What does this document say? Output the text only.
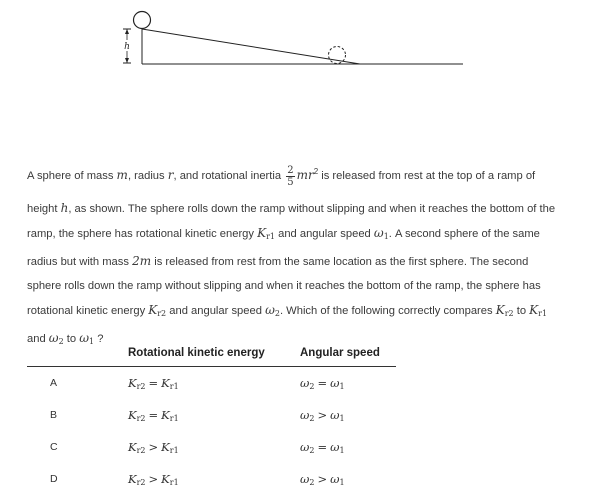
h
A sphere of mass m, radius r, and rotational inertia $\frac{2}{5} mr^2$ is released from rest at the top of a ramp of
height h, as shown. The sphere rolls down the ramp without slipping and when it reaches the bottom of the
ramp, the sphere has rotational kinetic energy $K_{r1}$ and angular speed $\omega_1$. A second sphere of the same
radius but with mass 2m is released from rest from the same location as the first sphere. The second
sphere rolls down the ramp without slipping and when it reaches the bottom of the ramp, the sphere has
rotational kinetic energy $K_{r2}$ and angular speed $\omega_2$. Which of the following correctly compares $K_{r2}$ to $K_{r1}$
and $\omega_2$ to $\omega_1$ ?
	Rotational kinetic energy	Angular speed
A	$K_{r2} = K_{r1}$	$\omega_2 = \omega_1$
B	$K_{r2} = K_{r1}$	$\omega_2 > \omega_1$
C	$K_{r2} > K_{r1}$	$\omega_2 = \omega_1$
D	$K_{r2} > K_{r1}$	$\omega_2 > \omega_1$
